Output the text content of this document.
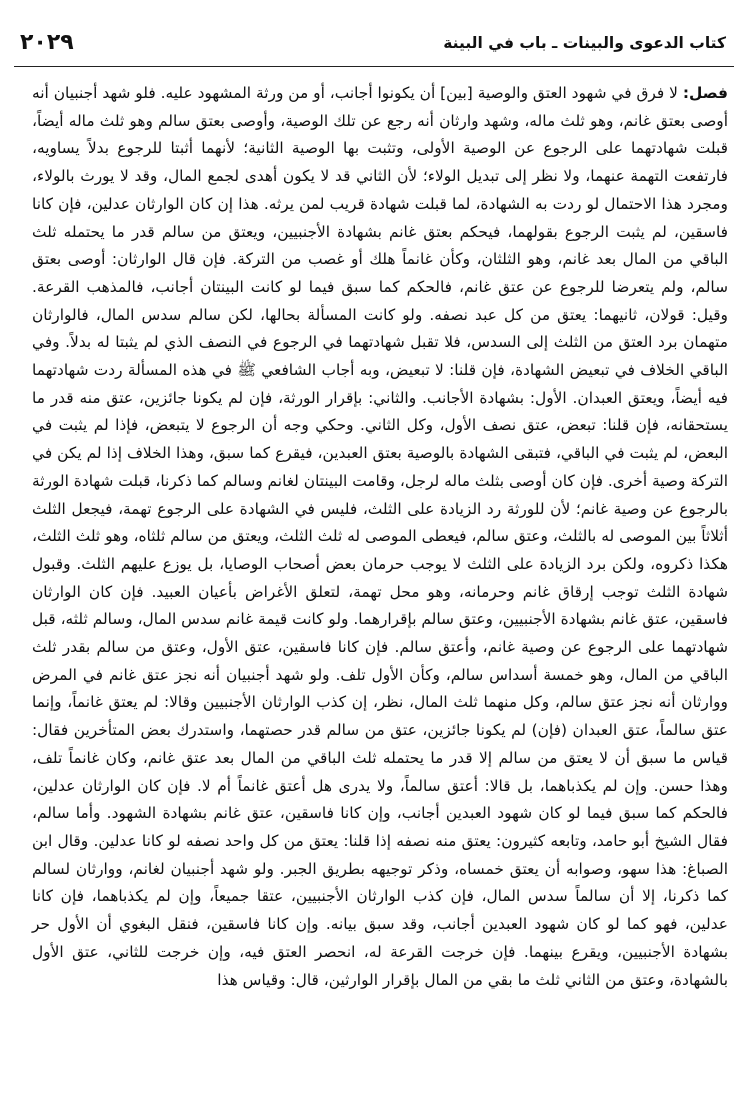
٢٠٢٩	كتاب الدعوى والبينات ـ باب في البينة

فصل: لا فرق في شهود العتق والوصية [بين] أن يكونوا أجانب، أو من ورثة المشهود عليه. فلو شهد أجنبيان أنه أوصى بعتق غانم، وهو ثلث ماله، وشهد وارثان أنه رجع عن تلك الوصية، وأوصى بعتق سالم وهو ثلث ماله أيضاً، قبلت شهادتهما على الرجوع عن الوصية الأولى، وتثبت بها الوصية الثانية؛ لأنهما أثبتا للرجوع بدلاً يساويه، فارتفعت التهمة عنهما، ولا نظر إلى تبديل الولاء؛ لأن الثاني قد لا يكون أهدى لجمع المال، وقد لا يورث بالولاء، ومجرد هذا الاحتمال لو ردت به الشهادة، لما قبلت شهادة قريب لمن يرثه. هذا إن كان الوارثان عدلين، فإن كانا فاسقين، لم يثبت الرجوع بقولهما، فيحكم بعتق غانم بشهادة الأجنبيين، ويعتق من سالم قدر ما يحتمله ثلث الباقي من المال بعد غانم، وهو الثلثان، وكأن غانماً هلك أو غصب من التركة. فإن قال الوارثان: أوصى بعتق سالم، ولم يتعرضا للرجوع عن عتق غانم، فالحكم كما سبق فيما لو كانت البينتان أجانب، فالمذهب القرعة. وقيل: قولان، ثانيهما: يعتق من كل عبد نصفه. ولو كانت المسألة بحالها، لكن سالم سدس المال، فالوارثان متهمان برد العتق من الثلث إلى السدس، فلا تقبل شهادتهما في الرجوع في النصف الذي لم يثبتا له بدلاً. وفي الباقي الخلاف في تبعيض الشهادة، فإن قلنا: لا تبعيض، وبه أجاب الشافعي ﷺ في هذه المسألة ردت شهادتهما فيه أيضاً، ويعتق العبدان. الأول: بشهادة الأجانب. والثاني: بإقرار الورثة، فإن لم يكونا جائزين، عتق منه قدر ما يستحقانه، فإن قلنا: تبعض، عتق نصف الأول، وكل الثاني. وحكي وجه أن الرجوع لا يتبعض، فإذا لم يثبت في البعض، لم يثبت في الباقي، فتبقى الشهادة بالوصية بعتق العبدين، فيقرع كما سبق، وهذا الخلاف إذا لم يكن في التركة وصية أخرى. فإن كان أوصى بثلث ماله لرجل، وقامت البينتان لغانم وسالم كما ذكرنا، قبلت شهادة الورثة بالرجوع عن وصية غانم؛ لأن للورثة رد الزيادة على الثلث، فليس في الشهادة على الرجوع تهمة، فيجعل الثلث أثلاثاً بين الموصى له بالثلث، وعتق سالم، فيعطى الموصى له ثلث الثلث، ويعتق من سالم ثلثاه، وهو ثلث الثلث، هكذا ذكروه، ولكن برد الزيادة على الثلث لا يوجب حرمان بعض أصحاب الوصايا، بل يوزع عليهم الثلث. وقبول شهادة الثلث توجب إرقاق غانم وحرمانه، وهو محل تهمة، لتعلق الأغراض بأعيان العبيد. فإن كان الوارثان فاسقين، عتق غانم بشهادة الأجنبيين، وعتق سالم بإقرارهما. ولو كانت قيمة غانم سدس المال، وسالم ثلثه، قبل شهادتهما على الرجوع عن وصية غانم، وأعتق سالم. فإن كانا فاسقين، عتق الأول، وعتق من سالم بقدر ثلث الباقي من المال، وهو خمسة أسداس سالم، وكأن الأول تلف. ولو شهد أجنبيان أنه نجز عتق غانم في المرض ووارثان أنه نجز عتق سالم، وكل منهما ثلث المال، نظر، إن كذب الوارثان الأجنبيين وقالا: لم يعتق غانماً، وإنما عتق سالماً، عتق العبدان (فإن) لم يكونا جائزين، عتق من سالم قدر حصتهما، واستدرك بعض المتأخرين فقال: قياس ما سبق أن لا يعتق من سالم إلا قدر ما يحتمله ثلث الباقي من المال بعد عتق غانم، وكان غانماً تلف، وهذا حسن. وإن لم يكذباهما، بل قالا: أعتق سالماً، ولا يدرى هل أعتق غانماً أم لا. فإن كان الوارثان عدلين، فالحكم كما سبق فيما لو كان شهود العبدين أجانب، وإن كانا فاسقين، عتق غانم بشهادة الشهود. وأما سالم، فقال الشيخ أبو حامد، وتابعه كثيرون: يعتق منه نصفه إذا قلنا: يعتق من كل واحد نصفه لو كانا عدلين. وقال ابن الصباغ: هذا سهو، وصوابه أن يعتق خمساه، وذكر توجيهه بطريق الجبر. ولو شهد أجنبيان لغانم، ووارثان لسالم كما ذكرنا، إلا أن سالماً سدس المال، فإن كذب الوارثان الأجنبيين، عتقا جميعاً، وإن لم يكذباهما، فإن كانا عدلين، فهو كما لو كان شهود العبدين أجانب، وقد سبق بيانه. وإن كانا فاسقين، فنقل البغوي أن الأول حر بشهادة الأجنبيين، ويقرع بينهما. فإن خرجت القرعة له، انحصر العتق فيه، وإن خرجت للثاني، عتق الأول بالشهادة، وعتق من الثاني ثلث ما بقي من المال بإقرار الوارثين، قال: وقياس هذا
